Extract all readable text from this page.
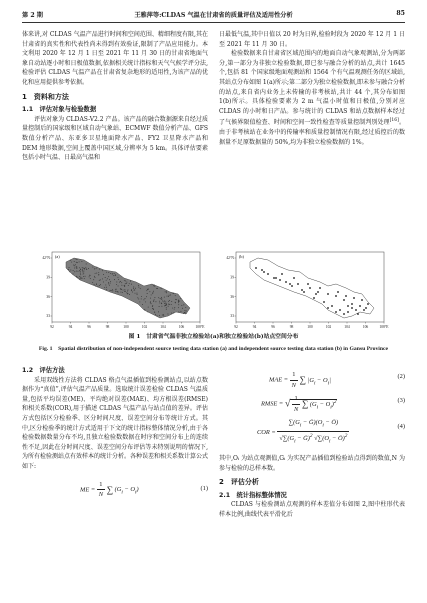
第 2 期	王雅萍等:CLDAS 气温在甘肃省的质量评估及适用性分析	85

体来讲,对 CLDAS 气温产品进行时间和空间范围、精细程度有限,其在甘肃省的真实性和代表性尚未得到有效验证,限制了产品应用能力。本文利用 2020 年 12 月 1 日至 2021 年 11 月 30 日的甘肃省地面气象自动站逐小时和日极值数据,依据相关统计指标和天气气候学评分法,检验评估 CLDAS 气温产品在甘肃省复杂地形的适用性,为该产品的优化和应用提供参考依据。

1　资料和方法

1.1　评估对象与检验数据

评估对象为 CLDAS-V2.2 产品。该产品的融合数据源来自经过质量控制后的国家级和区域自动气象站、ECMWF 数值分析产品、GFS 数值分析产品、东亚多卫星地面降水产品、FY2 卫星降水产品和 DEM 地形数据,空间上覆盖中国区域,分辨率为 5 km。具体评估要素包括小时气温、日最高气温和

日最低气温,其中日值以 20 时为日界,检验时段为 2020 年 12 月 1 日至 2021 年 11 月 30 日。

检验数据来自甘肃省区域范围内的地面自动气象观测站,分为两部分,第一部分为非独立检验数据,即已参与融合分析的站点,共计 1645 个,包括 81 个国家级地面观测站和 1564 个有气温观测任务的区域站,其站点分布如图 1(a)所示;第二部分为独立检验数据,即未参与融合分析的站点,来自省内业务上未传输的非考核站,共计 44 个,其分布如图 1(b)所示。具体检验要素为 2 m 气温小时值和日极值,分别对应 CLDAS 的小时和日产品。参与统计的 CLDAS 和站点数据样本经过了气候界限值检查、时间和空间一致性检查等质量控制判别处理[16]。由于非考核站在业务中的传输率和质量控制情况有限,经过质控后的数据量不足原数据量的 50%,均为非独立检验数据的 1%。

92	94	96	98	100	102	104	106	108°E
42°N
39
36
33
(a)
92	94	96	98	100	102	104	106	108°E
42°N
39
36
33
(b)
图 1　甘肃省气温非独立检验站(a)和独立检验站(b)站点空间分布
Fig. 1　Spatial distribution of non-independent source testing data station (a) and independent source testing data station (b) in Gansu Province

1.2　评估方法

采用双线性方法将 CLDAS 格点气温插值到检验测站点,以站点数据作为“真值”,评估气温产品质量。选取统计误差检验 CLDAS 气温质量,包括平均误差(ME)、平均绝对误差(MAE)、均方根误差(RMSE)和相关系数(COR),用于描述 CLDAS 气温产品与站点值的差异。评估方式包括区分检验季、区分时间尺度、误差空间分布等统计方式。其中,区分检验季的统计方式适用于下文的统计指标整体情况分析,由于各检验数据数量分布不均,且独立检验数数据在时序和空间分布上的连续性不足,因此在分时间尺度、误差空间分布评估等未特别说明的情况下,为所有检验测站点有效样本的统计分析。各种误差和相关系数计算公式如下:

ME = $\frac{1}{N}$ ∑ $(G_i - O_i)$	(1)
MAE = $\frac{1}{N}$ ∑ $|G_i - O_i|$
(2)
RMSE = √ $\frac{1}{N}$ ∑ $(G_i - O_i)^2$	(3)
COR = $\frac{\sum(G_i - Ḡ)(O_i - Ō)}{√\sum(G_i - Ḡ)^2 √\sum(O_i - Ō)^2}$	(4)

其中,Oᵢ 为站点观测值,Gᵢ 为实况产品插值到检验站点得到的数值,N 为参与检验的总样本数。

2　评估分析

2.1　统计指标整体情况

CLDAS 与检验测站点观测的样本差值分布如图 2,图中柱形代表样本比例,曲线代表平滑化后
